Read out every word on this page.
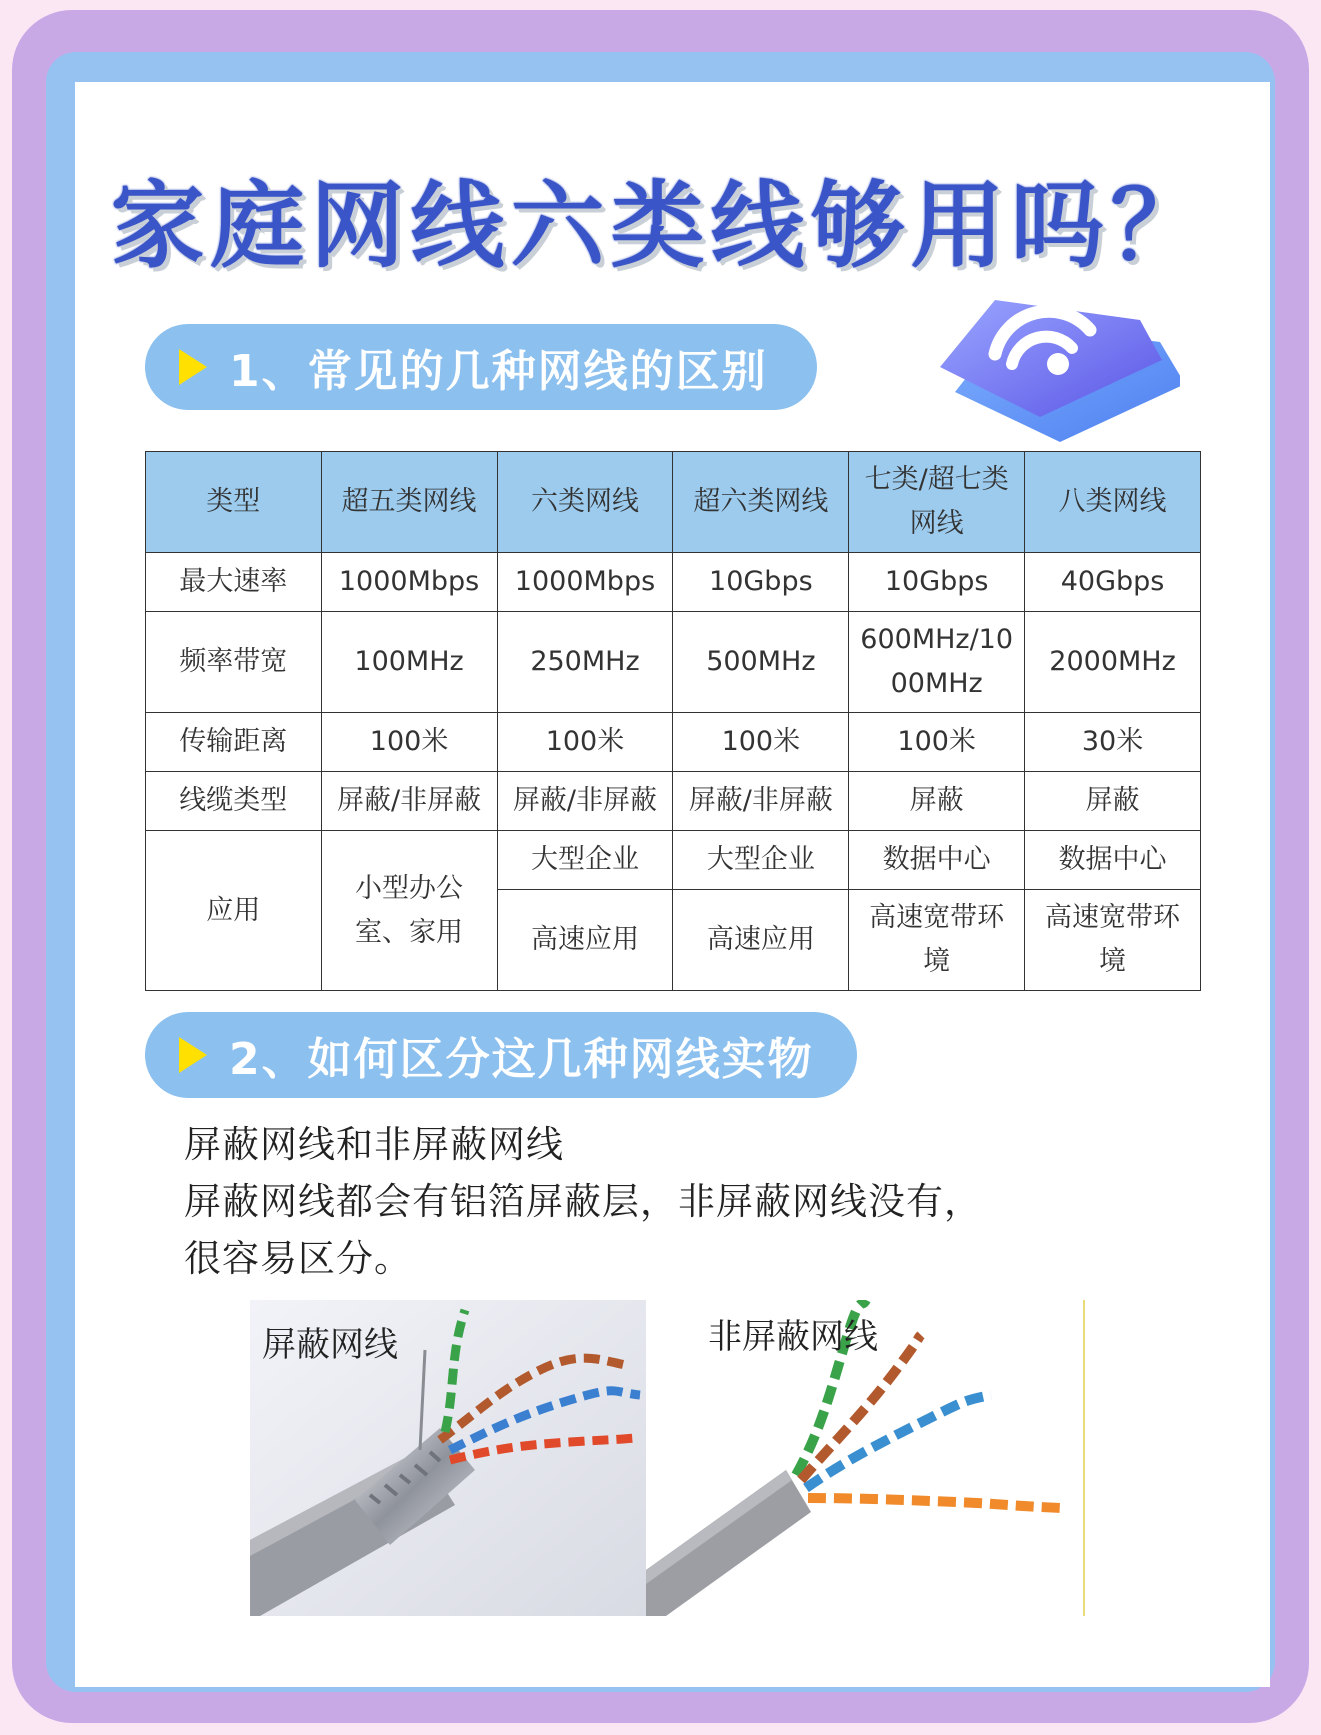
家庭网线六类线够用吗？
1、常见的几种网线的区别
类型	超五类网线	六类网线	超六类网线	七类/超七类网线	八类网线
最大速率	1000Mbps	1000Mbps	10Gbps	10Gbps	40Gbps
频率带宽	100MHz	250MHz	500MHz	600MHz/1000MHz	2000MHz
传输距离	100米	100米	100米	100米	30米
线缆类型	屏蔽/非屏蔽	屏蔽/非屏蔽	屏蔽/非屏蔽	屏蔽	屏蔽
应用	小型办公室、家用	大型企业	大型企业	数据中心	数据中心
		高速应用	高速应用	高速宽带环境	高速宽带环境
2、如何区分这几种网线实物
屏蔽网线和非屏蔽网线
屏蔽网线都会有铝箔屏蔽层，非屏蔽网线没有，
很容易区分。
屏蔽网线	非屏蔽网线
